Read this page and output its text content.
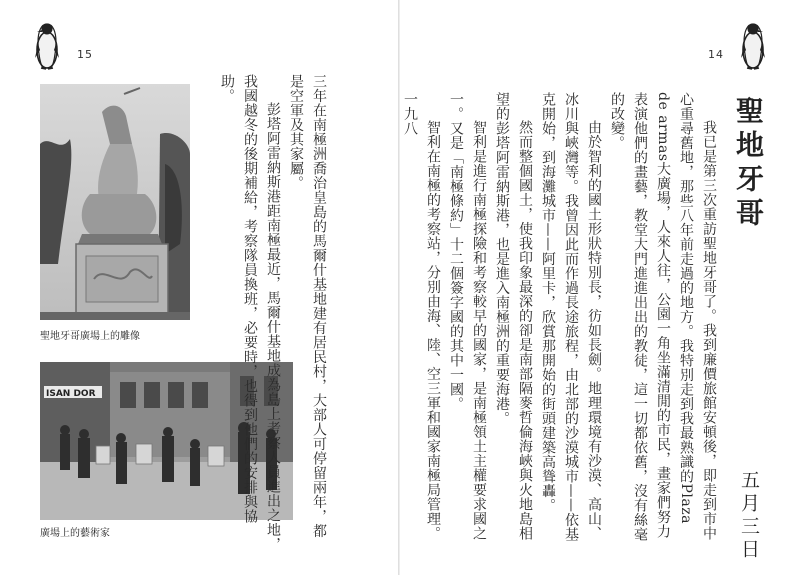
15
聖地牙哥廣場上的雕像
ISAN DOR
廣場上的藝術家	三年在南極洲喬治皇島的馬爾什基地建有居民村，大部人可停留兩年，都是空軍及其家屬。

彭塔阿雷納斯港距南極最近，馬爾什基地成為島上考察人員進出之地，我國越冬的後期補給，考察隊員換班，必要時，也得到他們的安排與協助。

14
聖地牙哥
五月三日

我已是第三次重訪聖地牙哥了。我到廉價旅館安頓後，即走到市中心重尋舊地，那些八年前走過的地方。我特別走到我最熟識的Plaza de armas大廣場，人來人往，公園一角坐滿清閒的市民，畫家們努力表演他們的畫藝，教堂大門進進出出的教徒，這一切都依舊，沒有絲毫的改變。

由於智利的國土形狀特別長，彷如長劍。地理環境有沙漠、高山、冰川與峽灣等。我曾因此而作過長途旅程，由北部的沙漠城市——依基克開始，到海灘城市——阿里卡，欣賞那開始的街頭建築高聳轟。

然而整個國土，使我印象最深的卻是南部隔麥哲倫海峽與火地島相望的彭塔阿雷納斯港，也是進入南極洲的重要海港。

智利是進行南極探險和考察較早的國家，是南極領土主權要求國之一。又是「南極條約」十二個簽字國的其中一國。

智利在南極的考察站，分別由海、陸、空三軍和國家南極局管理。一九八
